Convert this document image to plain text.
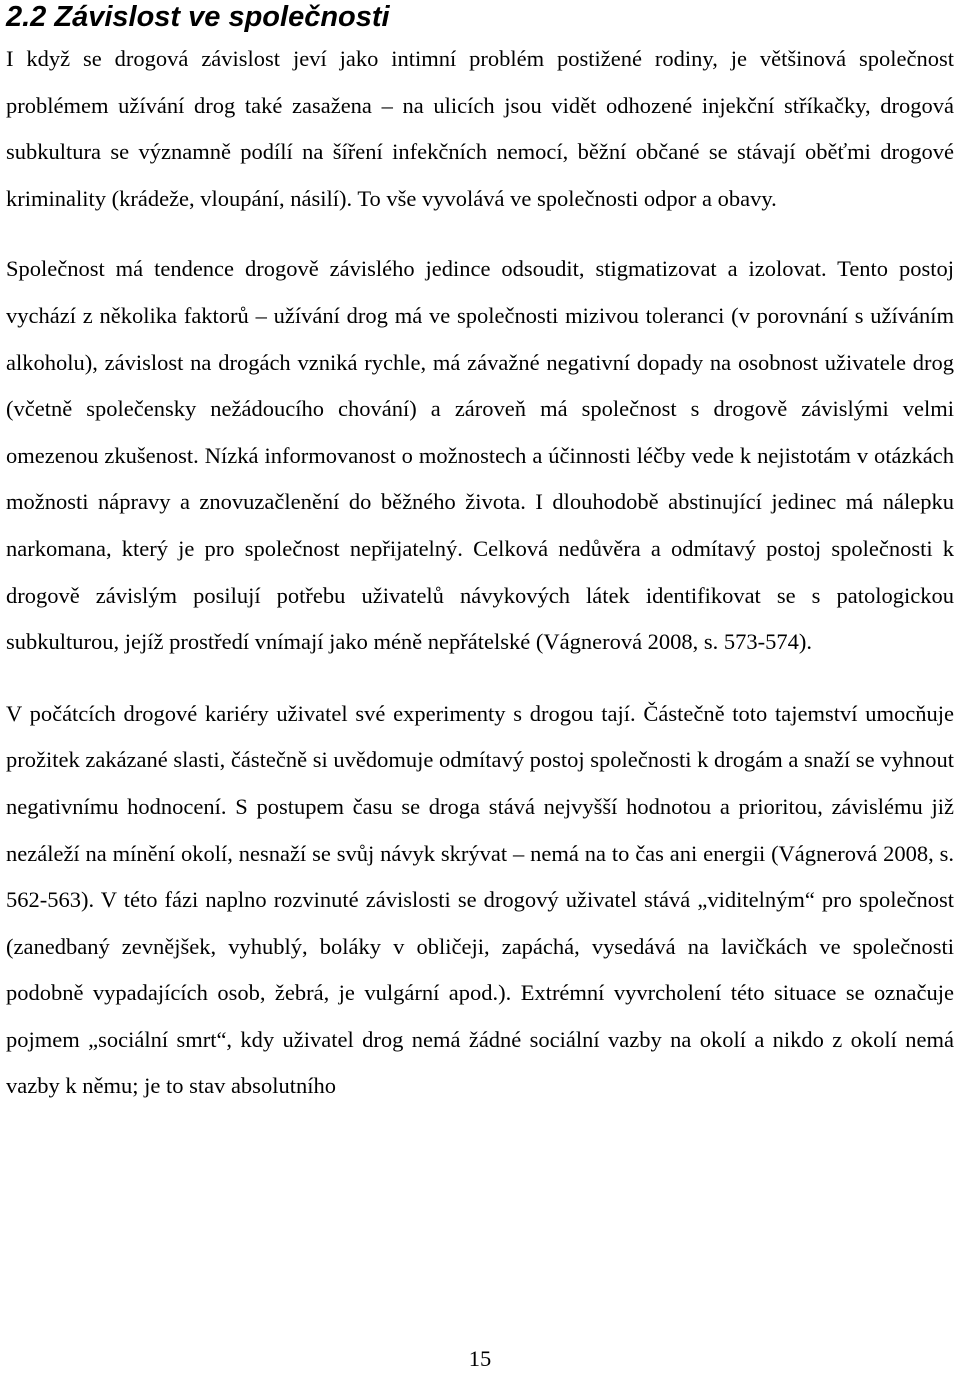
2.2 Závislost ve společnosti

I když se drogová závislost jeví jako intimní problém postižené rodiny, je většinová společnost problémem užívání drog také zasažena – na ulicích jsou vidět odhozené injekční stříkačky, drogová subkultura se významně podílí na šíření infekčních nemocí, běžní občané se stávají oběťmi drogové kriminality (krádeže, vloupání, násilí). To vše vyvolává ve společnosti odpor a obavy.

Společnost má tendence drogově závislého jedince odsoudit, stigmatizovat a izolovat. Tento postoj vychází z několika faktorů – užívání drog má ve společnosti mizivou toleranci (v porovnání s užíváním alkoholu), závislost na drogách vzniká rychle, má závažné negativní dopady na osobnost uživatele drog (včetně společensky nežádoucího chování) a zároveň má společnost s drogově závislými velmi omezenou zkušenost. Nízká informovanost o možnostech a účinnosti léčby vede k nejistotám v otázkách možnosti nápravy a znovuzačlenění do běžného života. I dlouhodobě abstinující jedinec má nálepku narkomana, který je pro společnost nepřijatelný. Celková nedůvěra a odmítavý postoj společnosti k drogově závislým posilují potřebu uživatelů návykových látek identifikovat se s patologickou subkulturou, jejíž prostředí vnímají jako méně nepřátelské (Vágnerová 2008, s. 573-574).

V počátcích drogové kariéry uživatel své experimenty s drogou tají. Částečně toto tajemství umocňuje prožitek zakázané slasti, částečně si uvědomuje odmítavý postoj společnosti k drogám a snaží se vyhnout negativnímu hodnocení. S postupem času se droga stává nejvyšší hodnotou a prioritou, závislému již nezáleží na mínění okolí, nesnaží se svůj návyk skrývat – nemá na to čas ani energii (Vágnerová 2008, s. 562-563). V této fázi naplno rozvinuté závislosti se drogový uživatel stává „viditelným“ pro společnost (zanedbaný zevnějšek, vyhublý, boláky v obličeji, zapáchá, vysedává na lavičkách ve společnosti podobně vypadajících osob, žebrá, je vulgární apod.). Extrémní vyvrcholení této situace se označuje pojmem „sociální smrt“, kdy uživatel drog nemá žádné sociální vazby na okolí a nikdo z okolí nemá vazby k němu; je to stav absolutního

15
